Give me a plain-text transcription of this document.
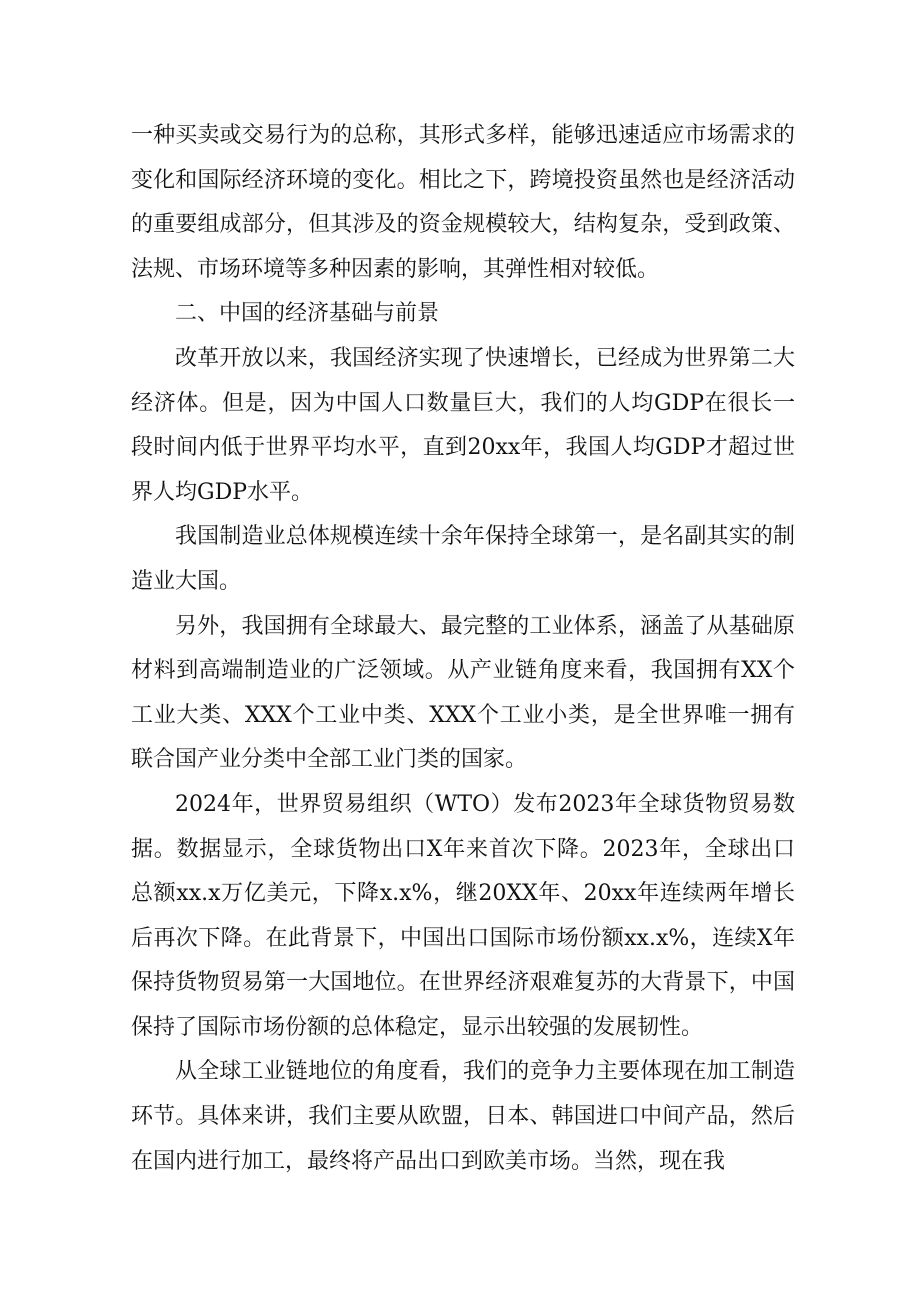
一种买卖或交易行为的总称，其形式多样，能够迅速适应市场需求的变化和国际经济环境的变化。相比之下，跨境投资虽然也是经济活动的重要组成部分，但其涉及的资金规模较大，结构复杂，受到政策、法规、市场环境等多种因素的影响，其弹性相对较低。

二、中国的经济基础与前景

改革开放以来，我国经济实现了快速增长，已经成为世界第二大经济体。但是，因为中国人口数量巨大，我们的人均GDP在很长一段时间内低于世界平均水平，直到20xx年，我国人均GDP才超过世界人均GDP水平。

我国制造业总体规模连续十余年保持全球第一，是名副其实的制造业大国。

另外，我国拥有全球最大、最完整的工业体系，涵盖了从基础原材料到高端制造业的广泛领域。从产业链角度来看，我国拥有XX个工业大类、XXX个工业中类、XXX个工业小类，是全世界唯一拥有联合国产业分类中全部工业门类的国家。

2024年，世界贸易组织（WTO）发布2023年全球货物贸易数据。数据显示，全球货物出口X年来首次下降。2023年，全球出口总额xx.x万亿美元，下降x.x%，继20XX年、20xx年连续两年增长后再次下降。在此背景下，中国出口国际市场份额xx.x%，连续X年保持货物贸易第一大国地位。在世界经济艰难复苏的大背景下，中国保持了国际市场份额的总体稳定，显示出较强的发展韧性。

从全球工业链地位的角度看，我们的竞争力主要体现在加工制造环节。具体来讲，我们主要从欧盟，日本、韩国进口中间产品，然后在国内进行加工，最终将产品出口到欧美市场。当然，现在我
